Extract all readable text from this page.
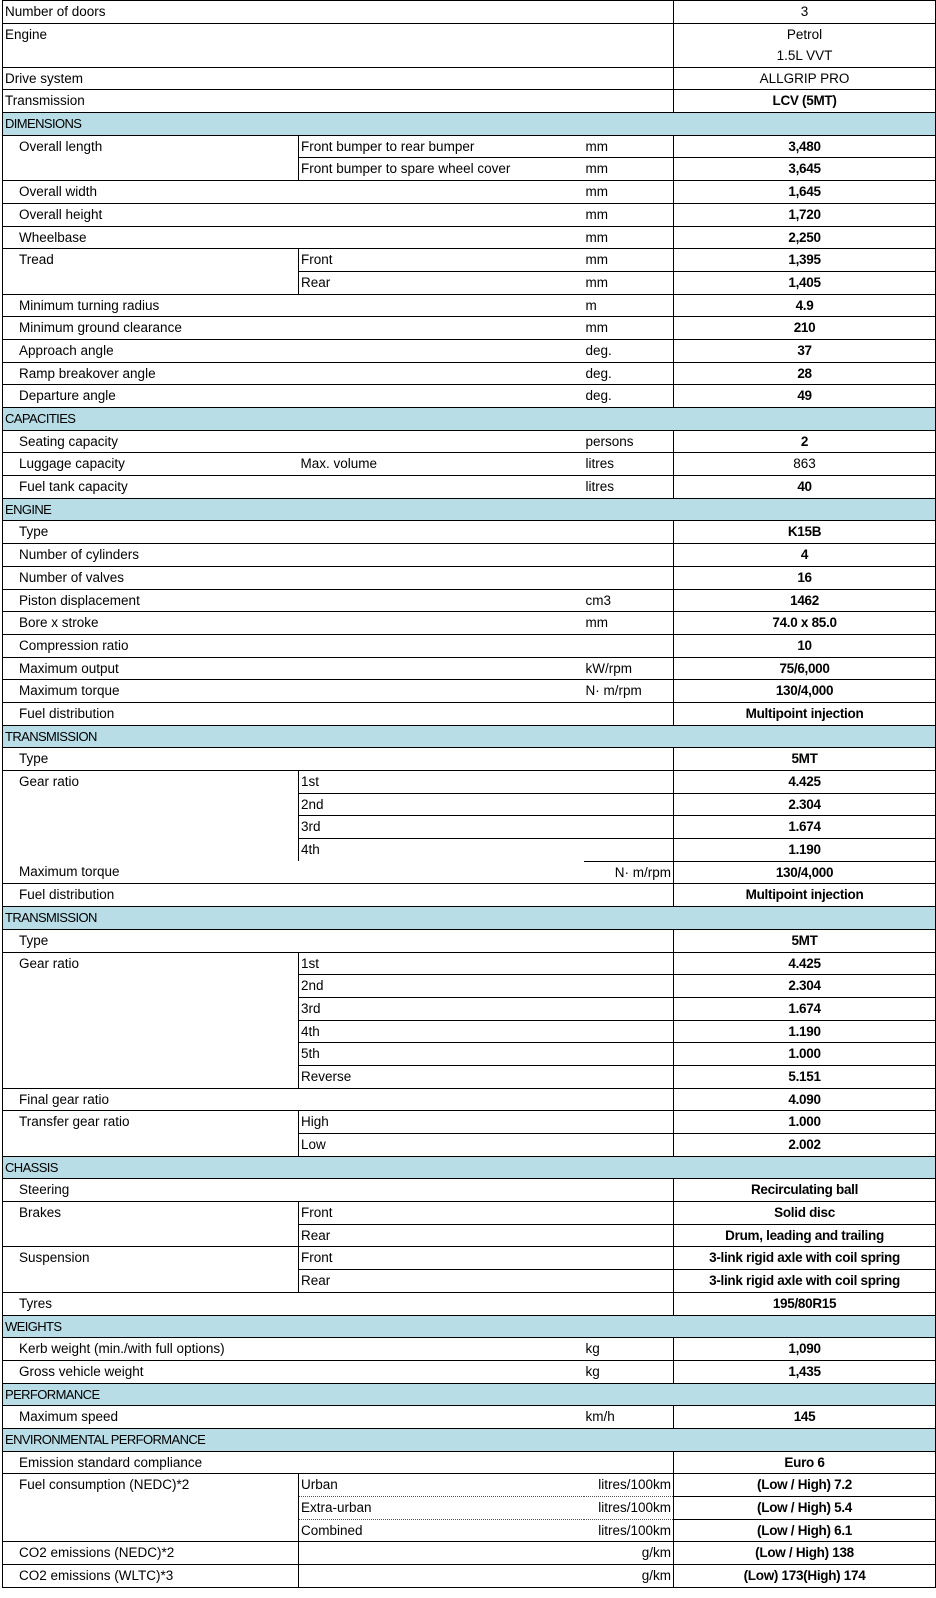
Number of doors			3
Engine			Petrol
1.5L VVT

Drive system			ALLGRIP PRO
Transmission			LCV (5MT)
DIMENSIONS			
Overall length	Front bumper to rear bumper	mm	3,480
	Front bumper to spare wheel cover	mm	3,645
Overall width		mm	1,645
Overall height		mm	1,720
Wheelbase		mm	2,250
Tread	Front	mm	1,395
	Rear	mm	1,405
Minimum turning radius		m	4.9
Minimum ground clearance		mm	210
Approach angle		deg.	37
Ramp breakover angle		deg.	28
Departure angle		deg.	49
CAPACITIES			
Seating capacity		persons	2
Luggage capacity	Max. volume	litres	863
Fuel tank capacity		litres	40
ENGINE			
Type			K15B
Number of cylinders			4
Number of valves			16
Piston displacement		cm3	1462
Bore x stroke		mm	74.0 x 85.0
Compression ratio			10
Maximum output		kW/rpm	75/6,000
Maximum torque		N· m/rpm	130/4,000
Fuel distribution			Multipoint injection
TRANSMISSION			
Type			5MT
Gear ratio	1st		4.425
	2nd		2.304
	3rd		1.674
	4th		1.190
Maximum torque		N· m/rpm	130/4,000
Fuel distribution			Multipoint injection
TRANSMISSION			
Type			5MT
Gear ratio	1st		4.425
	2nd		2.304
	3rd		1.674
	4th		1.190
	5th		1.000
	Reverse		5.151
Final gear ratio			4.090
Transfer gear ratio	High		1.000
	Low		2.002
CHASSIS			
Steering			Recirculating ball
Brakes	Front		Solid disc
	Rear		Drum, leading and trailing
Suspension	Front		3-link rigid axle with coil spring
	Rear		3-link rigid axle with coil spring
Tyres			195/80R15
WEIGHTS			
Kerb weight (min./with full options)		kg	1,090
Gross vehicle weight		kg	1,435
PERFORMANCE			
Maximum speed		km/h	145
ENVIRONMENTAL PERFORMANCE			
Emission standard compliance			Euro 6
Fuel consumption (NEDC)*2	Urban	litres/100km	(Low / High) 7.2
	Extra-urban	litres/100km	(Low / High) 5.4
	Combined	litres/100km	(Low / High) 6.1
CO2 emissions (NEDC)*2		g/km	(Low / High) 138
CO2 emissions (WLTC)*3		g/km	(Low) 173(High) 174
